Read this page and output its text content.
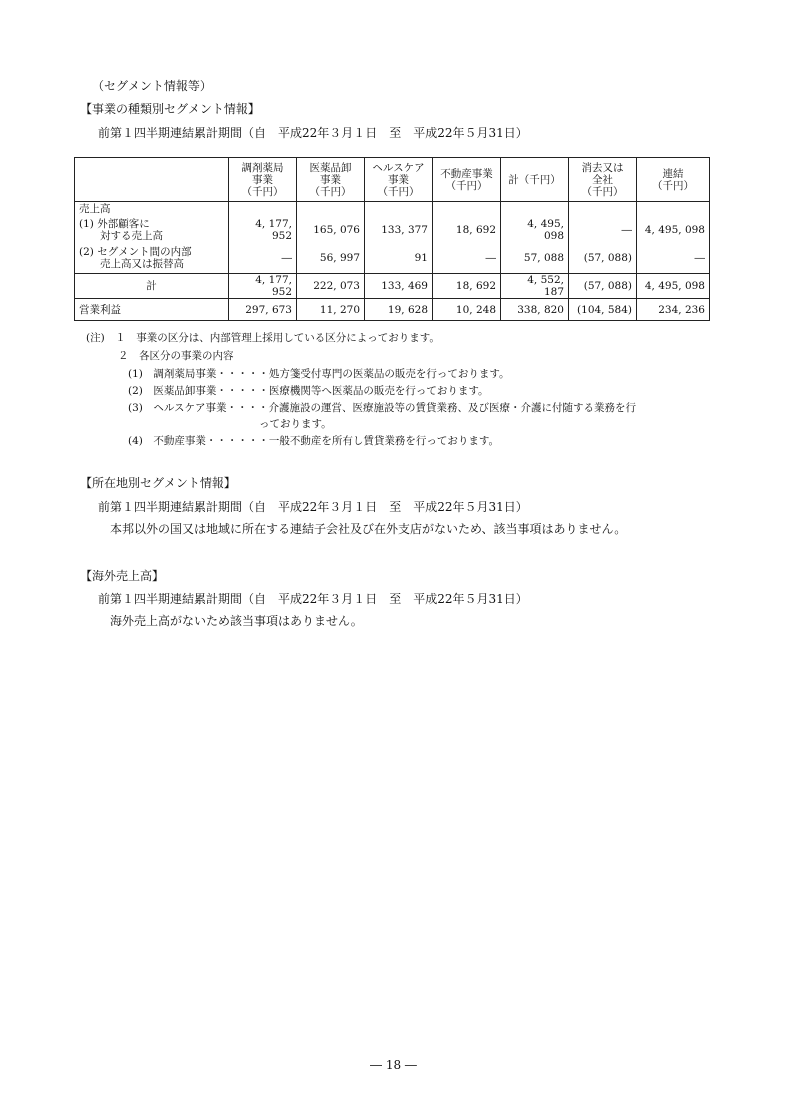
（セグメント情報等）
【事業の種類別セグメント情報】
前第１四半期連結累計期間（自　平成22年３月１日　至　平成22年５月31日）

	調剤薬局
事業
（千円）	医薬品卸
事業
（千円）	ヘルスケア
事業
（千円）	不動産事業
（千円）	計（千円）	消去又は
全社
（千円）	連結
（千円）

売上高							

(1) 外部顧客に
　　対する売上高	4, 177, 952	165, 076	133, 377	18, 692	4, 495, 098	―	4, 495, 098

(2) セグメント間の内部
　　売上高又は振替高	―	56, 997	91	―	57, 088	(57, 088)	―
計	4, 177, 952	222, 073	133, 469	18, 692	4, 552, 187	(57, 088)	4, 495, 098
営業利益	297, 673	11, 270	19, 628	10, 248	338, 820	(104, 584)	234, 236
(注)　１　事業の区分は、内部管理上採用している区分によっております。
２　各区分の事業の内容
(1)　調剤薬局事業・・・・・処方箋受付専門の医薬品の販売を行っております。
(2)　医薬品卸事業・・・・・医療機関等へ医薬品の販売を行っております。
(3)　ヘルスケア事業・・・・介護施設の運営、医療施設等の賃貸業務、及び医療・介護に付随する業務を行
っております。
(4)　不動産事業・・・・・・一般不動産を所有し賃貸業務を行っております。
【所在地別セグメント情報】
前第１四半期連結累計期間（自　平成22年３月１日　至　平成22年５月31日）
本邦以外の国又は地域に所在する連結子会社及び在外支店がないため、該当事項はありません。
【海外売上高】
前第１四半期連結累計期間（自　平成22年３月１日　至　平成22年５月31日）
海外売上高がないため該当事項はありません。
― 18 ―
